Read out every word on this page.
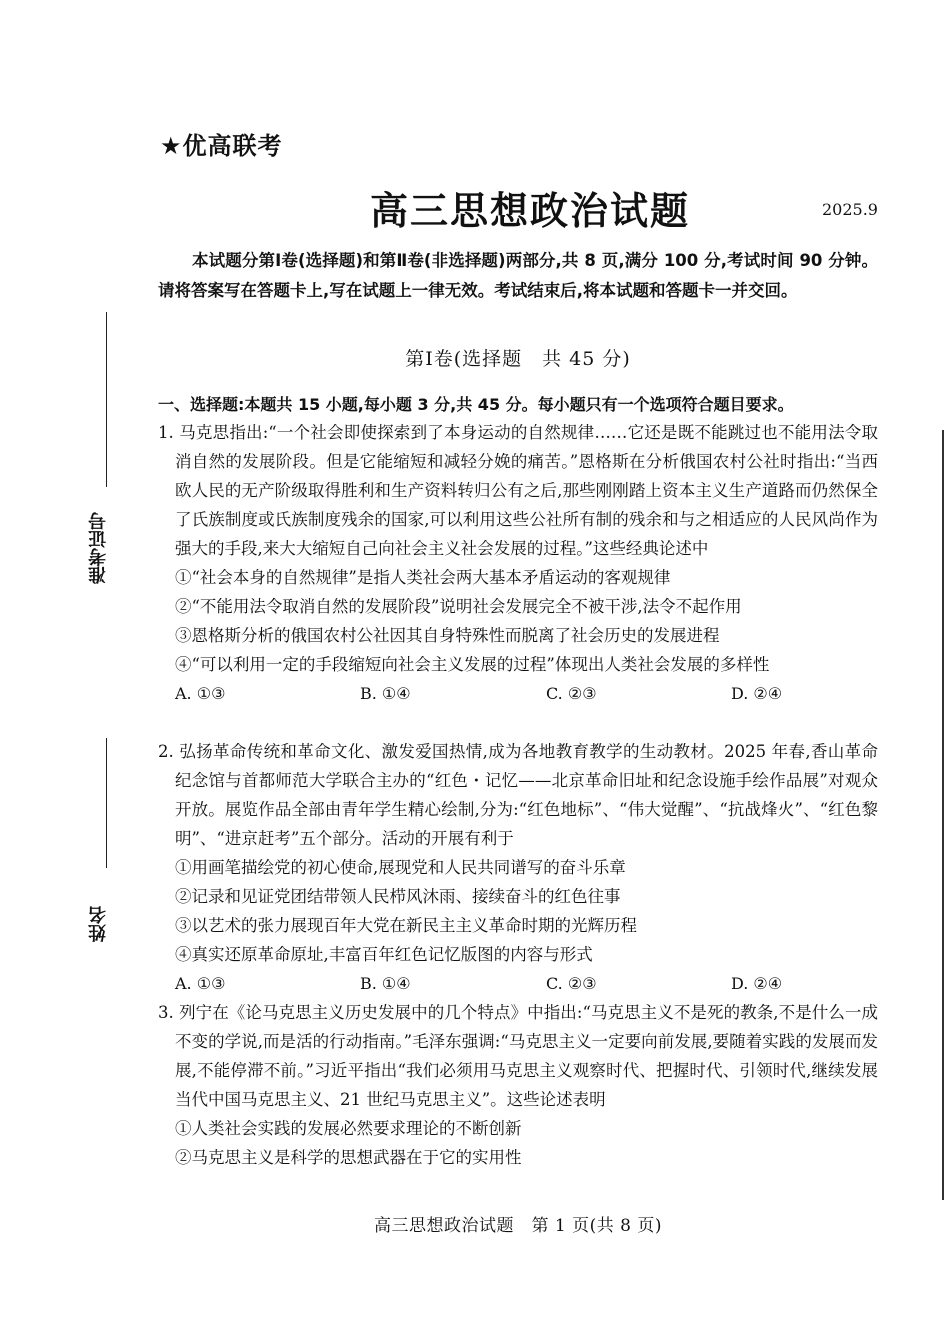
★优高联考
高三思想政治试题	2025.9
本试题分第Ⅰ卷(选择题)和第Ⅱ卷(非选择题)两部分,共 8 页,满分 100 分,考试时间 90 分钟。请将答案写在答题卡上,写在试题上一律无效。考试结束后,将本试题和答题卡一并交回。
第Ⅰ卷(选择题　共 45 分)
一、选择题:本题共 15 小题,每小题 3 分,共 45 分。每小题只有一个选项符合题目要求。
准考证号
姓名
1. 马克思指出:“一个社会即使探索到了本身运动的自然规律……它还是既不能跳过也不能用法令取消自然的发展阶段。但是它能缩短和减轻分娩的痛苦。”恩格斯在分析俄国农村公社时指出:“当西欧人民的无产阶级取得胜利和生产资料转归公有之后,那些刚刚踏上资本主义生产道路而仍然保全了氏族制度或氏族制度残余的国家,可以利用这些公社所有制的残余和与之相适应的人民风尚作为强大的手段,来大大缩短自己向社会主义社会发展的过程。”这些经典论述中
①“社会本身的自然规律”是指人类社会两大基本矛盾运动的客观规律
②“不能用法令取消自然的发展阶段”说明社会发展完全不被干涉,法令不起作用
③恩格斯分析的俄国农村公社因其自身特殊性而脱离了社会历史的发展进程
④“可以利用一定的手段缩短向社会主义发展的过程”体现出人类社会发展的多样性
A. ①③	B. ①④	C. ②③	D. ②④
2. 弘扬革命传统和革命文化、激发爱国热情,成为各地教育教学的生动教材。2025 年春,香山革命纪念馆与首都师范大学联合主办的“红色・记忆——北京革命旧址和纪念设施手绘作品展”对观众开放。展览作品全部由青年学生精心绘制,分为:“红色地标”、“伟大觉醒”、“抗战烽火”、“红色黎明”、“进京赶考”五个部分。活动的开展有利于
①用画笔描绘党的初心使命,展现党和人民共同谱写的奋斗乐章
②记录和见证党团结带领人民栉风沐雨、接续奋斗的红色往事
③以艺术的张力展现百年大党在新民主主义革命时期的光辉历程
④真实还原革命原址,丰富百年红色记忆版图的内容与形式
A. ①③	B. ①④	C. ②③	D. ②④
3. 列宁在《论马克思主义历史发展中的几个特点》中指出:“马克思主义不是死的教条,不是什么一成不变的学说,而是活的行动指南。”毛泽东强调:“马克思主义一定要向前发展,要随着实践的发展而发展,不能停滞不前。”习近平指出“我们必须用马克思主义观察时代、把握时代、引领时代,继续发展当代中国马克思主义、21 世纪马克思主义”。这些论述表明
①人类社会实践的发展必然要求理论的不断创新
②马克思主义是科学的思想武器在于它的实用性
高三思想政治试题　第 1 页(共 8 页)
